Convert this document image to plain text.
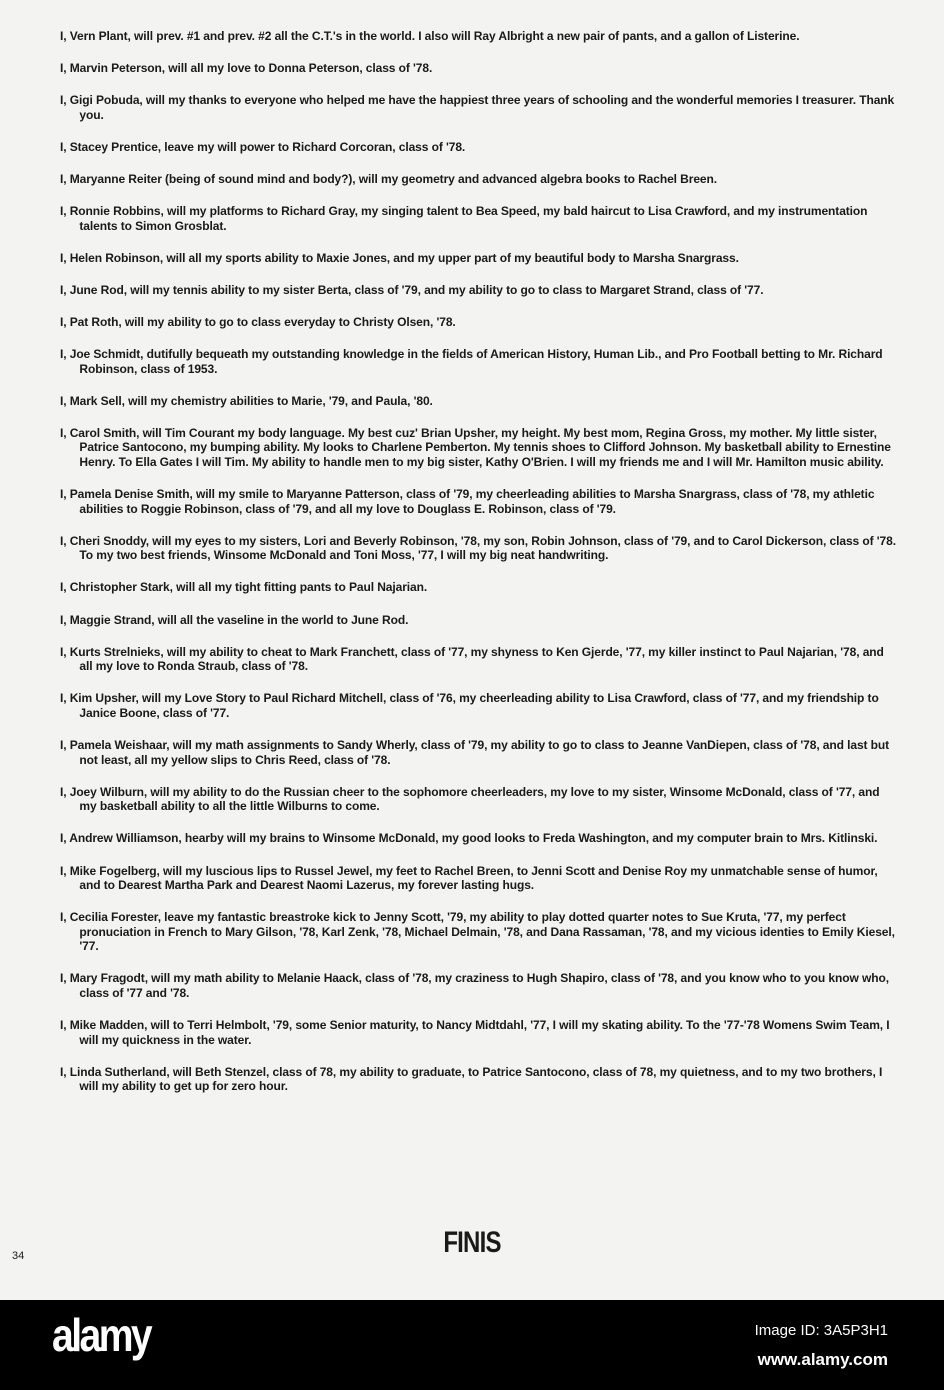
I, Vern Plant, will prev. #1 and prev. #2 all the C.T.'s in the world. I also will Ray Albright a new pair of pants, and a gallon of Listerine.

I, Marvin Peterson, will all my love to Donna Peterson, class of '78.

I, Gigi Pobuda, will my thanks to everyone who helped me have the happiest three years of schooling and the wonderful memories I treasurer. Thank you.

I, Stacey Prentice, leave my will power to Richard Corcoran, class of '78.

I, Maryanne Reiter (being of sound mind and body?), will my geometry and advanced algebra books to Rachel Breen.

I, Ronnie Robbins, will my platforms to Richard Gray, my singing talent to Bea Speed, my bald haircut to Lisa Crawford, and my instrumentation talents to Simon Grosblat.

I, Helen Robinson, will all my sports ability to Maxie Jones, and my upper part of my beautiful body to Marsha Snargrass.

I, June Rod, will my tennis ability to my sister Berta, class of '79, and my ability to go to class to Margaret Strand, class of '77.

I, Pat Roth, will my ability to go to class everyday to Christy Olsen, '78.

I, Joe Schmidt, dutifully bequeath my outstanding knowledge in the fields of American History, Human Lib., and Pro Football betting to Mr. Richard Robinson, class of 1953.

I, Mark Sell, will my chemistry abilities to Marie, '79, and Paula, '80.

I, Carol Smith, will Tim Courant my body language. My best cuz' Brian Upsher, my height. My best mom, Regina Gross, my mother. My little sister, Patrice Santocono, my bumping ability. My looks to Charlene Pemberton. My tennis shoes to Clifford Johnson. My basketball ability to Ernestine Henry. To Ella Gates I will Tim. My ability to handle men to my big sister, Kathy O'Brien. I will my friends me and I will Mr. Hamilton music ability.

I, Pamela Denise Smith, will my smile to Maryanne Patterson, class of '79, my cheerleading abilities to Marsha Snargrass, class of '78, my athletic abilities to Roggie Robinson, class of '79, and all my love to Douglass E. Robinson, class of '79.

I, Cheri Snoddy, will my eyes to my sisters, Lori and Beverly Robinson, '78, my son, Robin Johnson, class of '79, and to Carol Dickerson, class of '78. To my two best friends, Winsome McDonald and Toni Moss, '77, I will my big neat handwriting.

I, Christopher Stark, will all my tight fitting pants to Paul Najarian.

I, Maggie Strand, will all the vaseline in the world to June Rod.

I, Kurts Strelnieks, will my ability to cheat to Mark Franchett, class of '77, my shyness to Ken Gjerde, '77, my killer instinct to Paul Najarian, '78, and all my love to Ronda Straub, class of '78.

I, Kim Upsher, will my Love Story to Paul Richard Mitchell, class of '76, my cheerleading ability to Lisa Crawford, class of '77, and my friendship to Janice Boone, class of '77.

I, Pamela Weishaar, will my math assignments to Sandy Wherly, class of '79, my ability to go to class to Jeanne VanDiepen, class of '78, and last but not least, all my yellow slips to Chris Reed, class of '78.

I, Joey Wilburn, will my ability to do the Russian cheer to the sophomore cheerleaders, my love to my sister, Winsome McDonald, class of '77, and my basketball ability to all the little Wilburns to come.

I, Andrew Williamson, hearby will my brains to Winsome McDonald, my good looks to Freda Washington, and my computer brain to Mrs. Kitlinski.

I, Mike Fogelberg, will my luscious lips to Russel Jewel, my feet to Rachel Breen, to Jenni Scott and Denise Roy my unmatchable sense of humor, and to Dearest Martha Park and Dearest Naomi Lazerus, my forever lasting hugs.

I, Cecilia Forester, leave my fantastic breastroke kick to Jenny Scott, '79, my ability to play dotted quarter notes to Sue Kruta, '77, my perfect pronuciation in French to Mary Gilson, '78, Karl Zenk, '78, Michael Delmain, '78, and Dana Rassaman, '78, and my vicious identies to Emily Kiesel, '77.

I, Mary Fragodt, will my math ability to Melanie Haack, class of '78, my craziness to Hugh Shapiro, class of '78, and you know who to you know who, class of '77 and '78.

I, Mike Madden, will to Terri Helmbolt, '79, some Senior maturity, to Nancy Midtdahl, '77, I will my skating ability. To the '77-'78 Womens Swim Team, I will my quickness in the water.

I, Linda Sutherland, will Beth Stenzel, class of 78, my ability to graduate, to Patrice Santocono, class of 78, my quietness, and to my two brothers, I will my ability to get up for zero hour.

FINIS
34
alamy	Image ID: 3A5P3H1
www.alamy.com
